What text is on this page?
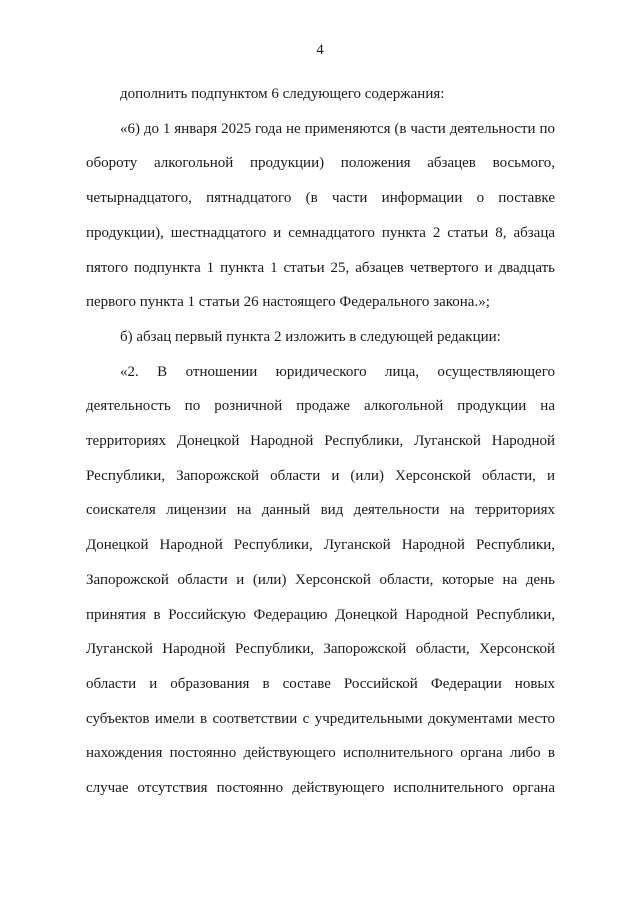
4

дополнить подпунктом 6 следующего содержания:

«6) до 1 января 2025 года не применяются (в части деятельности по обороту алкогольной продукции) положения абзацев восьмого, четырнадцатого, пятнадцатого (в части информации о поставке продукции), шестнадцатого и семнадцатого пункта 2 статьи 8, абзаца пятого подпункта 1 пункта 1 статьи 25, абзацев четвертого и двадцать первого пункта 1 статьи 26 настоящего Федерального закона.»;

б) абзац первый пункта 2 изложить в следующей редакции:

«2. В отношении юридического лица, осуществляющего деятельность по розничной продаже алкогольной продукции на территориях Донецкой Народной Республики, Луганской Народной Республики, Запорожской области и (или) Херсонской области, и соискателя лицензии на данный вид деятельности на территориях Донецкой Народной Республики, Луганской Народной Республики, Запорожской области и (или) Херсонской области, которые на день принятия в Российскую Федерацию Донецкой Народной Республики, Луганской Народной Республики, Запорожской области, Херсонской области и образования в составе Российской Федерации новых субъектов имели в соответствии с учредительными документами место нахождения постоянно действующего исполнительного органа либо в случае отсутствия постоянно действующего исполнительного органа
